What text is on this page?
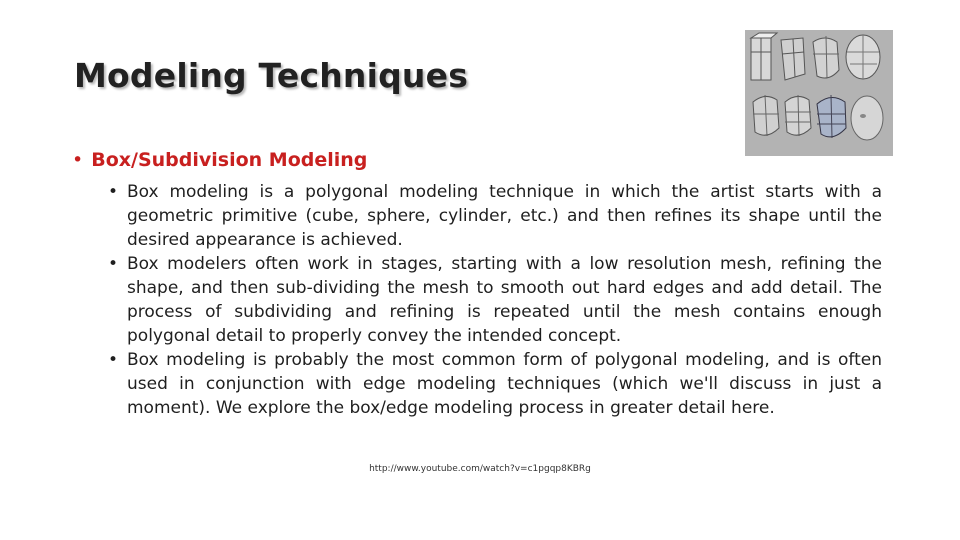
Modeling Techniques
• Box/Subdivision Modeling
• Box modeling is a polygonal modeling technique in which the artist starts with a geometric primitive (cube, sphere, cylinder, etc.) and then refines its shape until the desired appearance is achieved.
• Box modelers often work in stages, starting with a low resolution mesh, refining the shape, and then sub-dividing the mesh to smooth out hard edges and add detail. The process of subdividing and refining is repeated until the mesh contains enough polygonal detail to properly convey the intended concept.
• Box modeling is probably the most common form of polygonal modeling, and is often used in conjunction with edge modeling techniques (which we'll discuss in just a moment). We explore the box/edge modeling process in greater detail here.
http://www.youtube.com/watch?v=c1pgqp8KBRg
